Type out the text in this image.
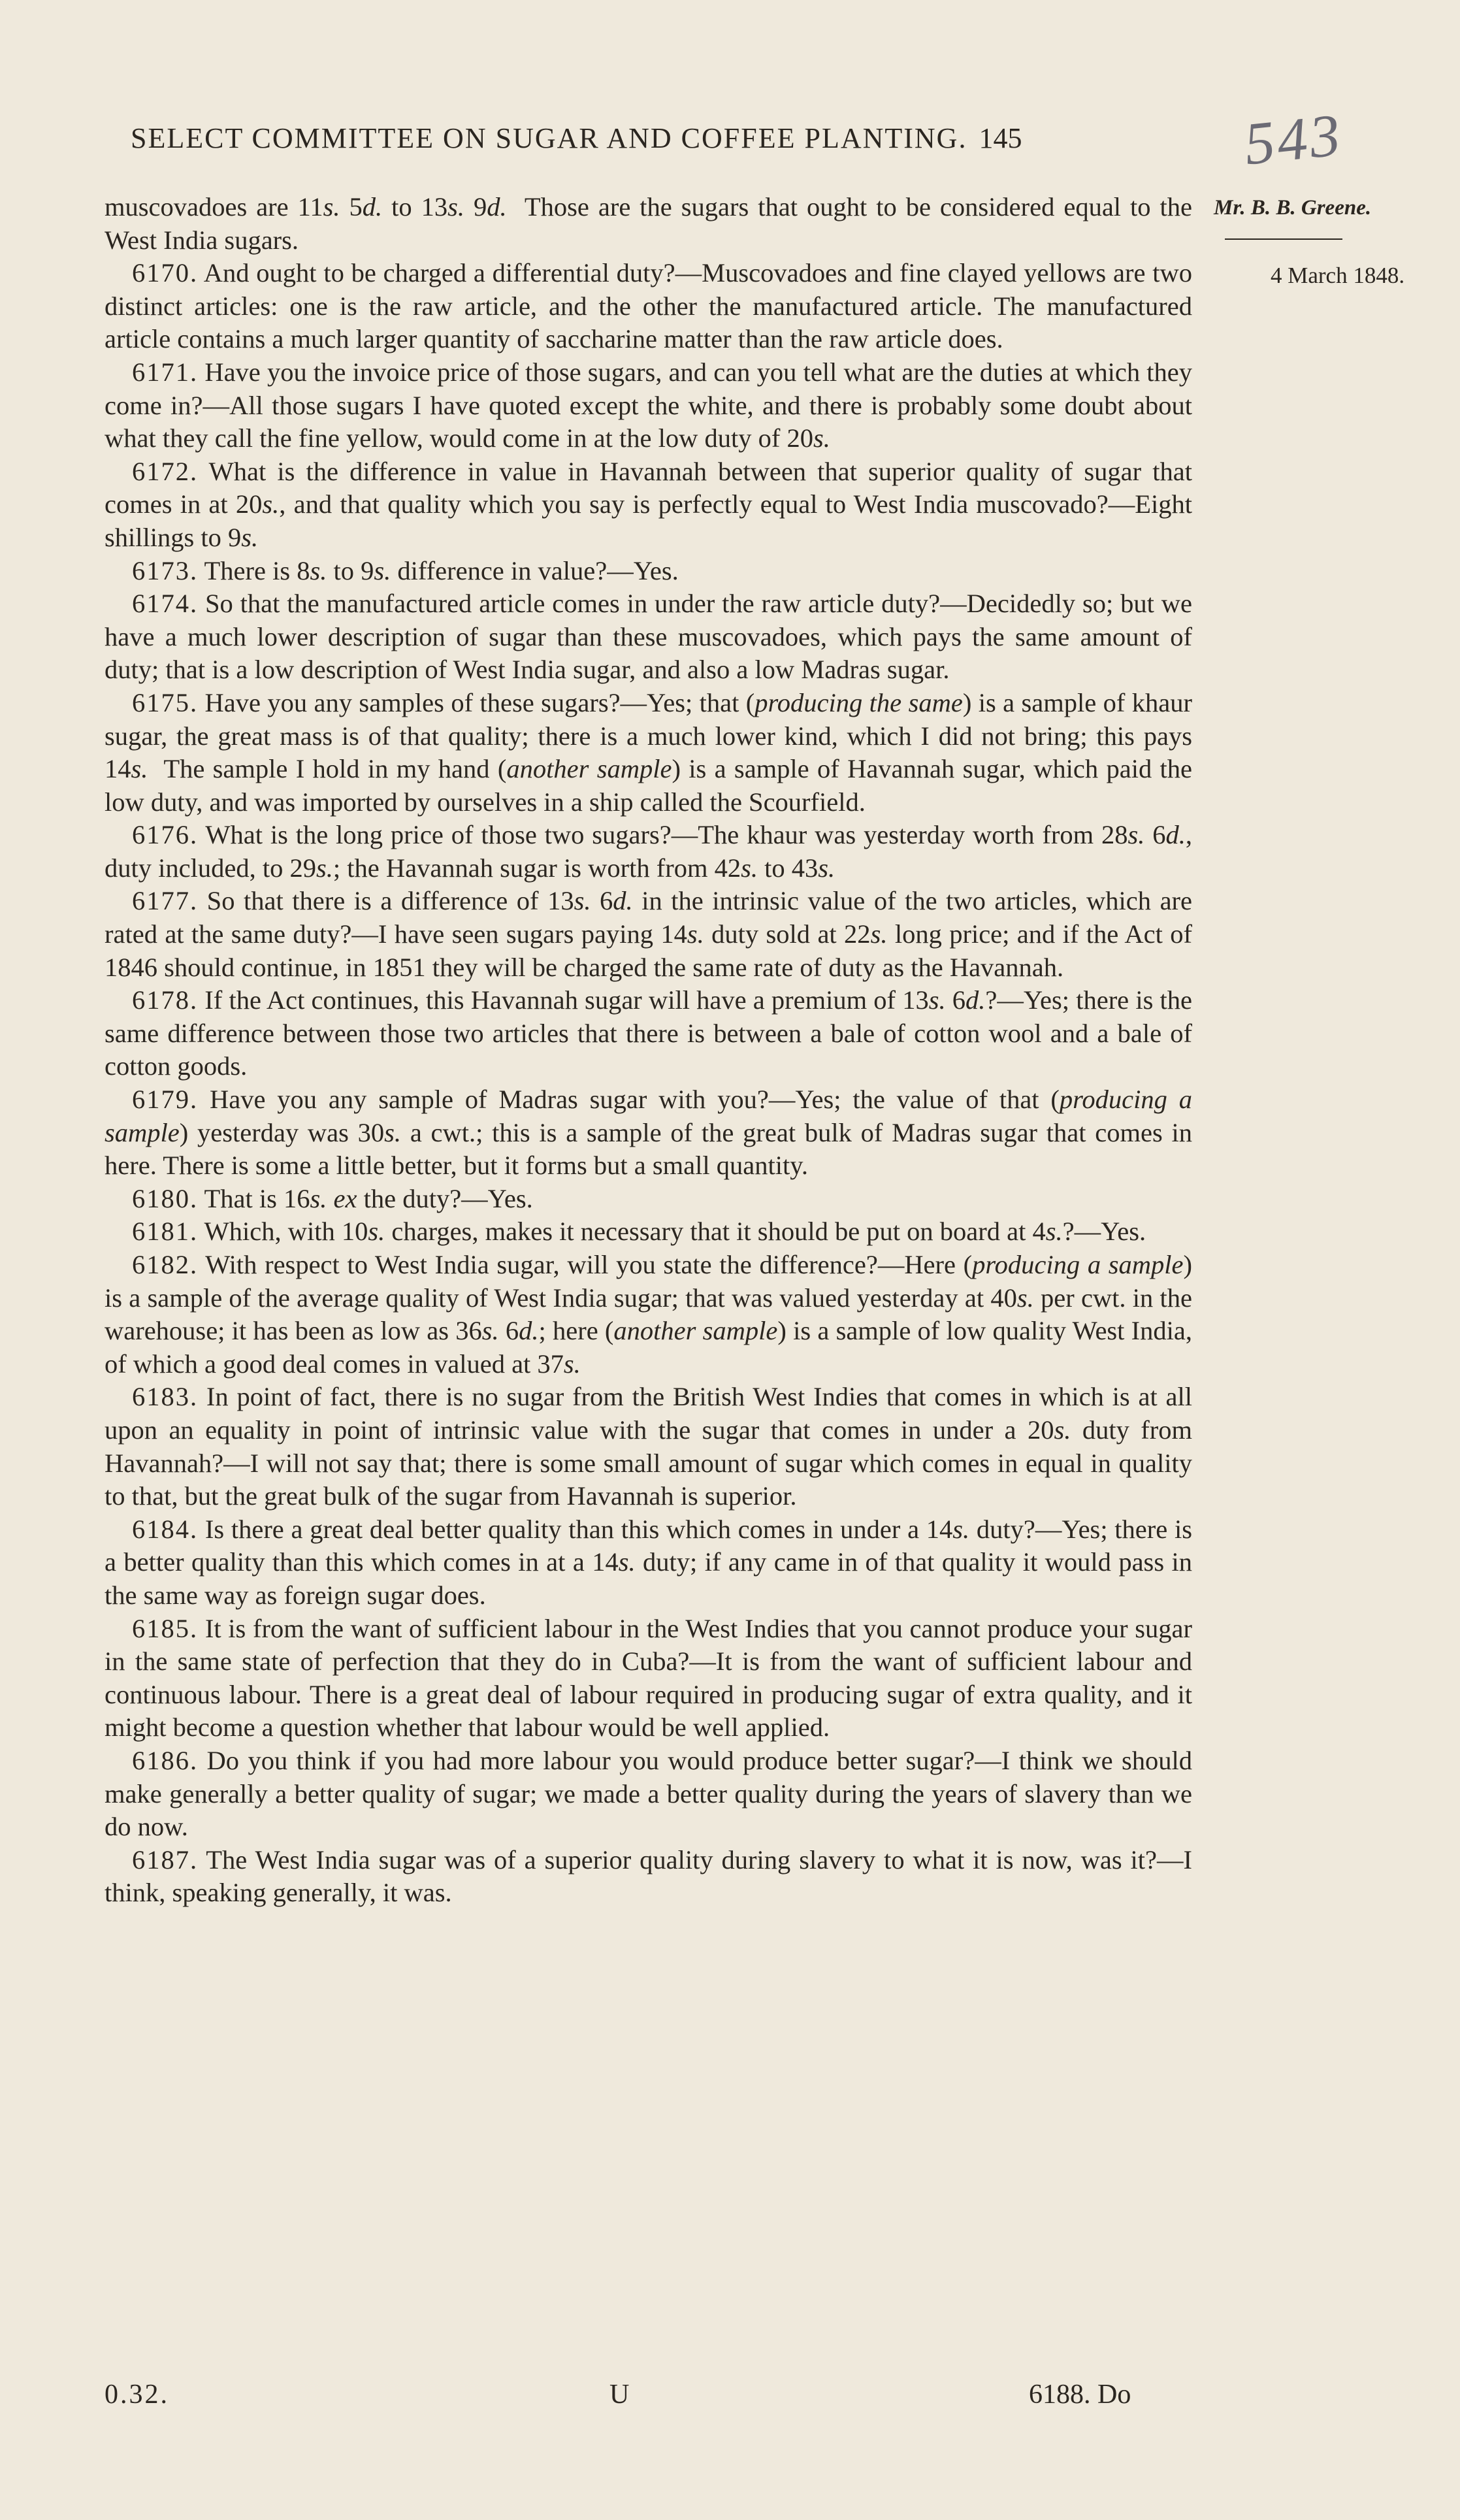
SELECT COMMITTEE ON SUGAR AND COFFEE PLANTING. 145	543
Mr. B. B. Greene.
4 March 1848.

muscovadoes are 11s. 5d. to 13s. 9d.  Those are the sugars that ought to be considered equal to the West India sugars.

6170. And ought to be charged a differential duty?—Muscovadoes and fine clayed yellows are two distinct articles: one is the raw article, and the other the manufactured article. The manufactured article contains a much larger quantity of saccharine matter than the raw article does.

6171. Have you the invoice price of those sugars, and can you tell what are the duties at which they come in?—All those sugars I have quoted except the white, and there is probably some doubt about what they call the fine yellow, would come in at the low duty of 20s.

6172. What is the difference in value in Havannah between that superior quality of sugar that comes in at 20s., and that quality which you say is perfectly equal to West India muscovado?—Eight shillings to 9s.

6173. There is 8s. to 9s. difference in value?—Yes.

6174. So that the manufactured article comes in under the raw article duty?—Decidedly so; but we have a much lower description of sugar than these muscovadoes, which pays the same amount of duty; that is a low description of West India sugar, and also a low Madras sugar.

6175. Have you any samples of these sugars?—Yes; that (producing the same) is a sample of khaur sugar, the great mass is of that quality; there is a much lower kind, which I did not bring; this pays 14s.  The sample I hold in my hand (another sample) is a sample of Havannah sugar, which paid the low duty, and was imported by ourselves in a ship called the Scourfield.

6176. What is the long price of those two sugars?—The khaur was yesterday worth from 28s. 6d., duty included, to 29s.; the Havannah sugar is worth from 42s. to 43s.

6177. So that there is a difference of 13s. 6d. in the intrinsic value of the two articles, which are rated at the same duty?—I have seen sugars paying 14s. duty sold at 22s. long price; and if the Act of 1846 should continue, in 1851 they will be charged the same rate of duty as the Havannah.

6178. If the Act continues, this Havannah sugar will have a premium of 13s. 6d.?—Yes; there is the same difference between those two articles that there is between a bale of cotton wool and a bale of cotton goods.

6179. Have you any sample of Madras sugar with you?—Yes; the value of that (producing a sample) yesterday was 30s. a cwt.; this is a sample of the great bulk of Madras sugar that comes in here. There is some a little better, but it forms but a small quantity.

6180. That is 16s. ex the duty?—Yes.

6181. Which, with 10s. charges, makes it necessary that it should be put on board at 4s.?—Yes.

6182. With respect to West India sugar, will you state the difference?—Here (producing a sample) is a sample of the average quality of West India sugar; that was valued yesterday at 40s. per cwt. in the warehouse; it has been as low as 36s. 6d.; here (another sample) is a sample of low quality West India, of which a good deal comes in valued at 37s.

6183. In point of fact, there is no sugar from the British West Indies that comes in which is at all upon an equality in point of intrinsic value with the sugar that comes in under a 20s. duty from Havannah?—I will not say that; there is some small amount of sugar which comes in equal in quality to that, but the great bulk of the sugar from Havannah is superior.

6184. Is there a great deal better quality than this which comes in under a 14s. duty?—Yes; there is a better quality than this which comes in at a 14s. duty; if any came in of that quality it would pass in the same way as foreign sugar does.

6185. It is from the want of sufficient labour in the West Indies that you cannot produce your sugar in the same state of perfection that they do in Cuba?—It is from the want of sufficient labour and continuous labour. There is a great deal of labour required in producing sugar of extra quality, and it might become a question whether that labour would be well applied.

6186. Do you think if you had more labour you would produce better sugar?—I think we should make generally a better quality of sugar; we made a better quality during the years of slavery than we do now.

6187. The West India sugar was of a superior quality during slavery to what it is now, was it?—I think, speaking generally, it was.

0.32.	U	6188. Do
